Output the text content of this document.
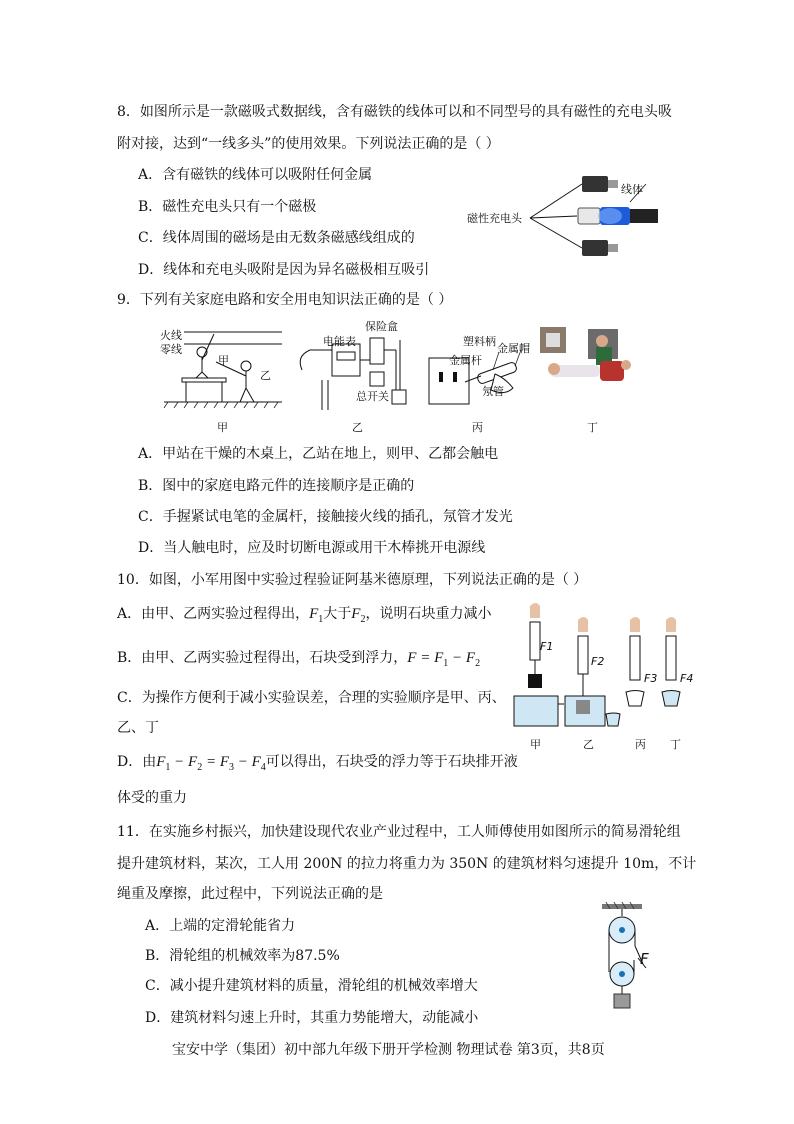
8．如图所示是一款磁吸式数据线，含有磁铁的线体可以和不同型号的具有磁性的充电头吸
附对接，达到“一线多头”的使用效果。下列说法正确的是（ ）
A．含有磁铁的线体可以吸附任何金属
B．磁性充电头只有一个磁极
C．线体周围的磁场是由无数条磁感线组成的
D．线体和充电头吸附是因为异名磁极相互吸引
线体
磁性充电头
9．下列有关家庭电路和安全用电知识法正确的是（ ）
火线
零线
甲
乙
保险盒
电能表
总开关
塑料柄
金属帽
金属杆
氖管
甲	乙	丙	丁
A．甲站在干燥的木桌上，乙站在地上，则甲、乙都会触电
B．图中的家庭电路元件的连接顺序是正确的
C．手握紧试电笔的金属杆，接触接火线的插孔，氖管才发光
D．当人触电时，应及时切断电源或用干木棒挑开电源线
10．如图，小军用图中实验过程验证阿基米德原理，下列说法正确的是（ ）
A．由甲、乙两实验过程得出，$F_1$大于$F_2$，说明石块重力减小
B．由甲、乙两实验过程得出，石块受到浮力，$F = F_1 - F_2$
C．为操作方便利于减小实验误差，合理的实验顺序是甲、丙、
乙、丁
D．由$F_1 - F_2 = F_3 - F_4$可以得出，石块受的浮力等于石块排开液
体受的重力
F1
F2
F3 F4
甲	乙	丙 丁
11．在实施乡村振兴，加快建设现代农业产业过程中，工人师傅使用如图所示的简易滑轮组
提升建筑材料，某次，工人用 200N 的拉力将重力为 350N 的建筑材料匀速提升 10m，不计
绳重及摩擦，此过程中，下列说法正确的是
A．上端的定滑轮能省力
B．滑轮组的机械效率为87.5%
C．减小提升建筑材料的质量，滑轮组的机械效率增大
D．建筑材料匀速上升时，其重力势能增大，动能减小
F
宝安中学（集团）初中部九年级下册开学检测 物理试卷 第3页，共8页
